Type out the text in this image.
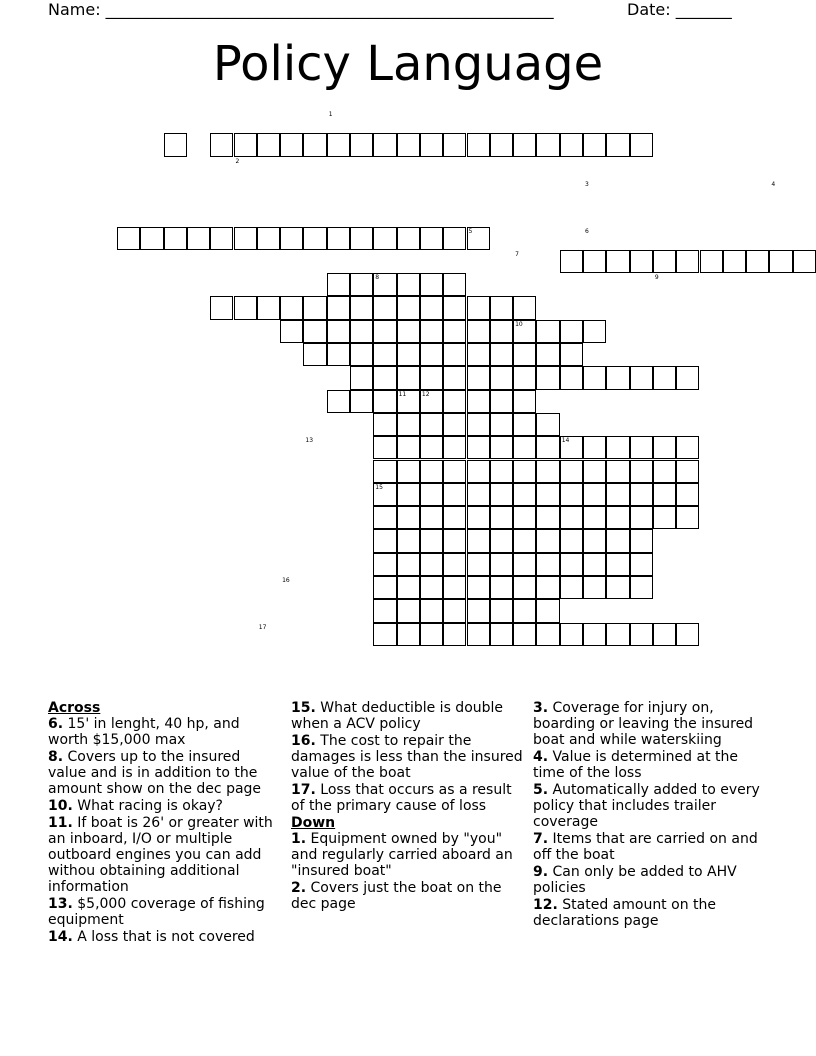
Name: ________________________________________________________	Date: _______
Policy Language
1
2
3	4
5	6
7
8	9
10
11	12
13	14
15
16
17
Across
6. 15' in lenght, 40 hp, and worth $15,000 max
8. Covers up to the insured value and is in addition to the amount show on the dec page
10. What racing is okay?
11. If boat is 26' or greater with an inboard, I/O or multiple outboard engines you can add withou obtaining additional information
13. $5,000 coverage of fishing equipment
14. A loss that is not covered
15. What deductible is double when a ACV policy
16. The cost to repair the damages is less than the insured value of the boat
17. Loss that occurs as a result of the primary cause of loss
Down
1. Equipment owned by "you" and regularly carried aboard an "insured boat"
2. Covers just the boat on the dec page
3. Coverage for injury on, boarding or leaving the insured boat and while waterskiing
4. Value is determined at the time of the loss
5. Automatically added to every policy that includes trailer coverage
7. Items that are carried on and off the boat
9. Can only be added to AHV policies
12. Stated amount on the declarations page
